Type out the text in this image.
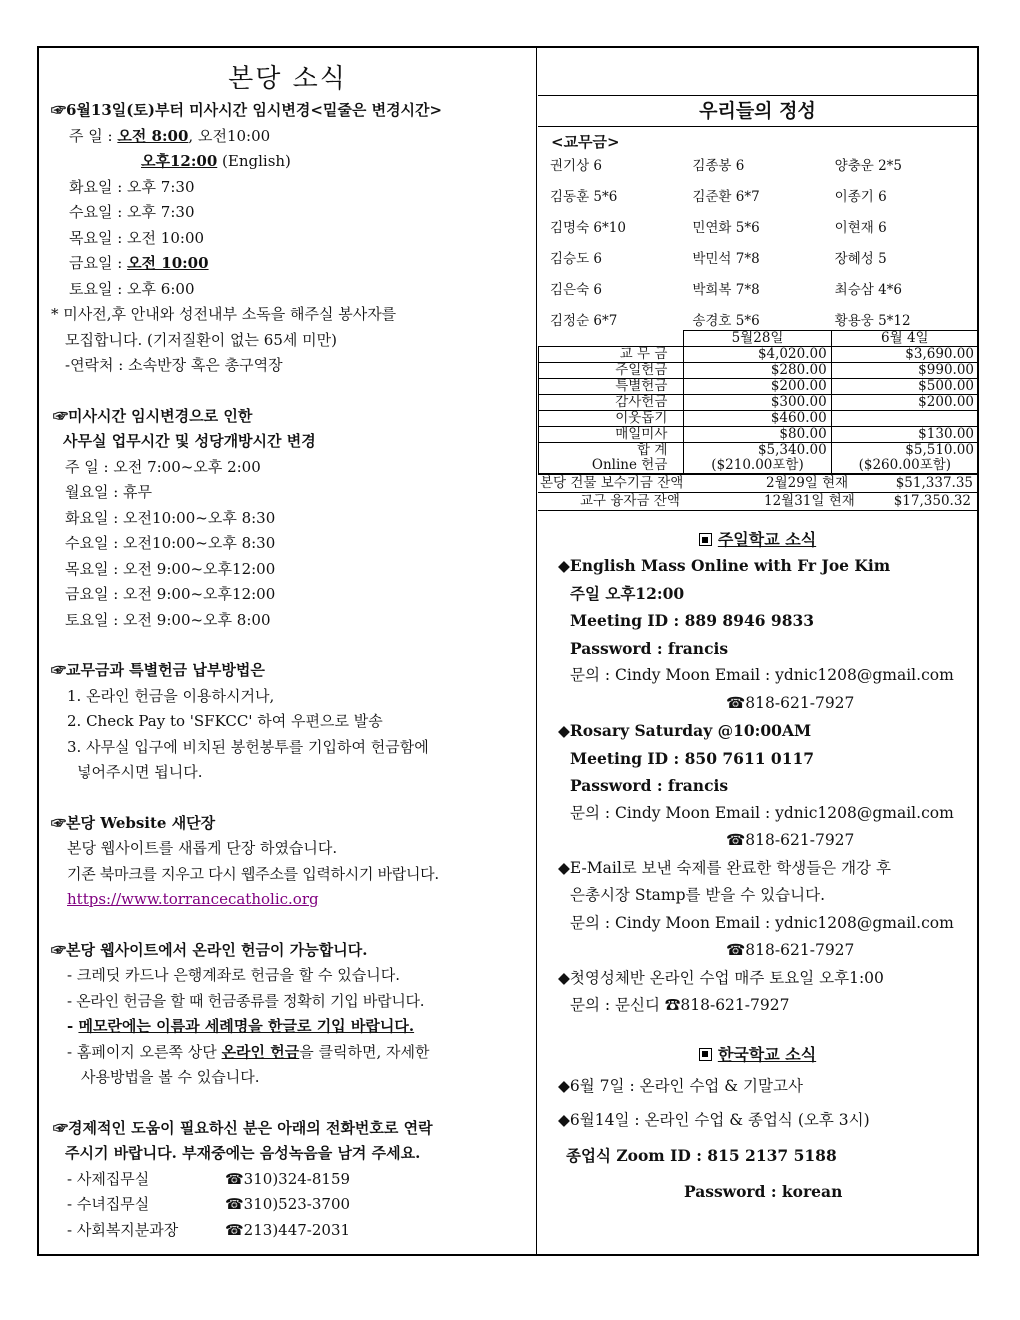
본당 소식
☞6월13일(토)부터 미사시간 임시변경<밑줄은 변경시간>
주 일 : 오전 8:00, 오전10:00
오후12:00 (English)
화요일 : 오후 7:30
수요일 : 오후 7:30
목요일 : 오전 10:00
금요일 : 오전 10:00
토요일 : 오후 6:00
* 미사전,후 안내와 성전내부 소독을 해주실 봉사자를
모집합니다. (기저질환이 없는 65세 미만)
-연락처 : 소속반장 혹은 총구역장
☞미사시간 임시변경으로 인한
사무실 업무시간 및 성당개방시간 변경
주 일 : 오전 7:00~오후 2:00
월요일 : 휴무
화요일 : 오전10:00~오후 8:30
수요일 : 오전10:00~오후 8:30
목요일 : 오전 9:00~오후12:00
금요일 : 오전 9:00~오후12:00
토요일 : 오전 9:00~오후 8:00
☞교무금과 특별헌금 납부방법은
1. 온라인 헌금을 이용하시거나,
2. Check Pay to 'SFKCC' 하여 우편으로 발송
3. 사무실 입구에 비치된 봉헌봉투를 기입하여 헌금함에
넣어주시면 됩니다.
☞본당 Website 새단장
본당 웹사이트를 새롭게 단장 하였습니다.
기존 북마크를 지우고 다시 웹주소를 입력하시기 바랍니다.
https://www.torrancecatholic.org
☞본당 웹사이트에서 온라인 헌금이 가능합니다.
- 크레딧 카드나 은행계좌로 헌금을 할 수 있습니다.
- 온라인 헌금을 할 때 헌금종류를 정확히 기입 바랍니다.
- 메모란에는 이름과 세례명을 한글로 기입 바랍니다.
- 홈페이지 오른쪽 상단 온라인 헌금을 클릭하면, 자세한
사용방법을 볼 수 있습니다.
☞경제적인 도움이 필요하신 분은 아래의 전화번호로 연락
주시기 바랍니다. 부재중에는 음성녹음을 남겨 주세요.
- 사제집무실	☎310)324-8159
- 수녀집무실	☎310)523-3700
- 사회복지분과장	☎213)447-2031
우리들의 정성
<교무금>
권기상 6	김종봉 6	양충운 2*5
김동훈 5*6	김준환 6*7	이종기 6
김명숙 6*10	민연화 5*6	이현재 6
김승도 6	박민석 7*8	장혜성 5
김은숙 6	박희복 7*8	최승삼 4*6
김정순 6*7	송경호 5*6	황용웅 5*12
	5월28일	6월 4일
교 무 금	$4,020.00	$3,690.00
주일헌금	$280.00	$990.00
특별헌금	$200.00	$500.00
감사헌금	$300.00	$200.00
이웃돕기	$460.00	
매일미사	$80.00	$130.00
합 계	$5,340.00	$5,510.00
Online 헌금	($210.00포함)	($260.00포함)
본당 건물 보수기금 잔액	2월29일 현재	$51,337.35
교구 융자금 잔액	12월31일 현재	$17,350.32
주일학교 소식
◆English Mass Online with Fr Joe Kim
주일 오후12:00
Meeting ID : 889 8946 9833
Password : francis
문의 : Cindy Moon Email : ydnic1208@gmail.com
☎818-621-7927
◆Rosary Saturday @10:00AM
Meeting ID : 850 7611 0117
Password : francis
문의 : Cindy Moon Email : ydnic1208@gmail.com
☎818-621-7927
◆E-Mail로 보낸 숙제를 완료한 학생들은 개강 후
은총시장 Stamp를 받을 수 있습니다.
문의 : Cindy Moon Email : ydnic1208@gmail.com
☎818-621-7927
◆첫영성체반 온라인 수업 매주 토요일 오후1:00
문의 : 문신디 ☎818-621-7927
한국학교 소식
◆6월 7일 : 온라인 수업 & 기말고사
◆6월14일 : 온라인 수업 & 종업식 (오후 3시)
종업식 Zoom ID : 815 2137 5188
Password : korean
